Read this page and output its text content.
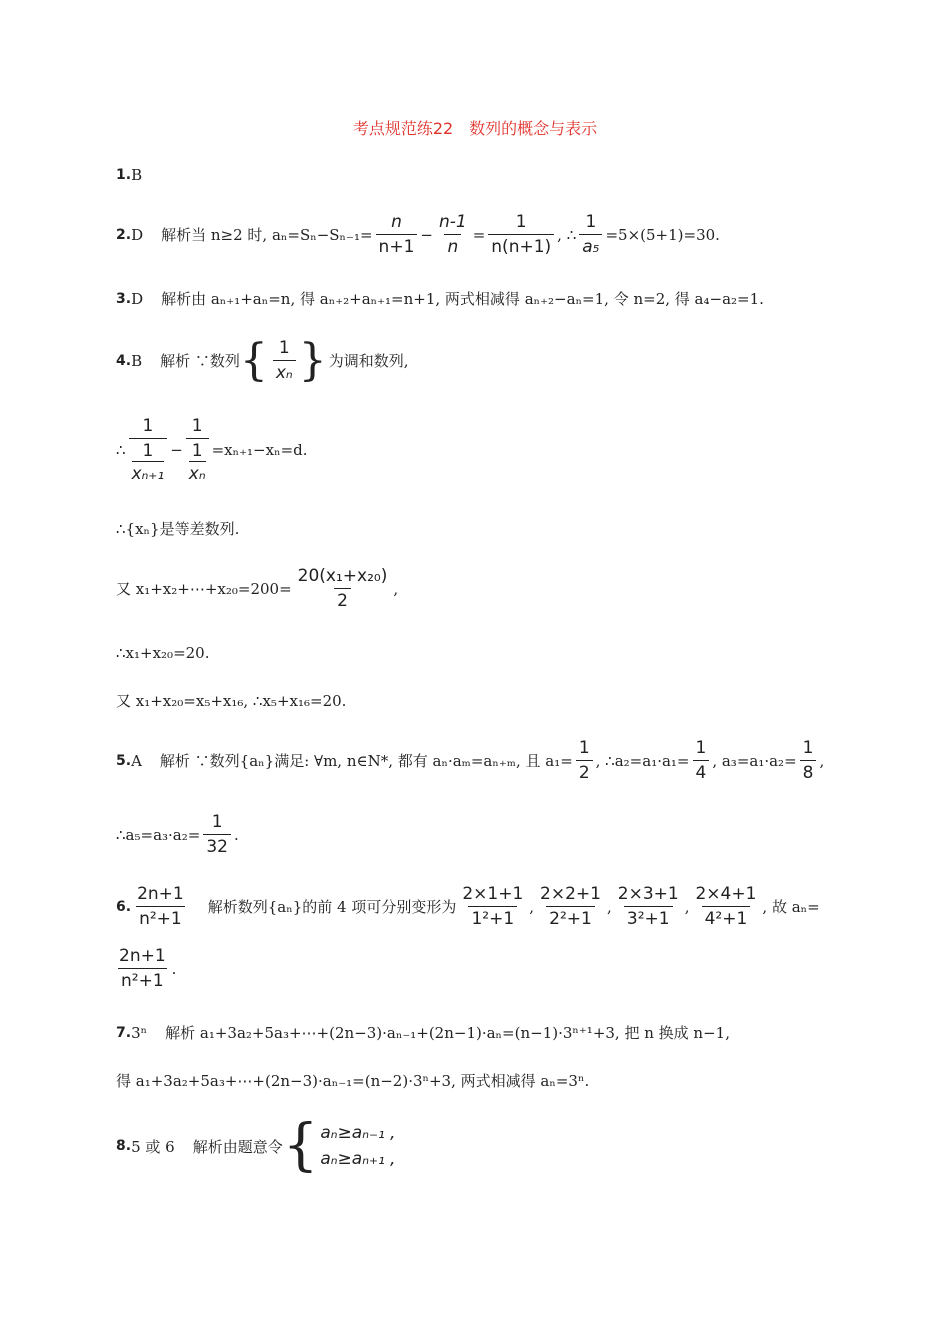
考点规范练22　数列的概念与表示
1. B
2. D 解析当 n≥2 时, $a_n=S_n-S_{n-1}= \frac{n}{n+1} - \frac{n-1}{n} = \frac{1}{n(n+1)}$ , ∴ $\frac{1}{\text{a₅}} =5\times(5+1)=30$.
3. D 解析由 aₙ₊₁+aₙ=n, 得 aₙ₊₂+aₙ₊₁=n+1, 两式相减得 aₙ₊₂−aₙ=1, 令 n=2, 得 a₄−a₂=1.
4. B 解析 ∵数列 { $\frac{1}{\text{xₙ}}$ } 为调和数列,
∴ 1
1
xₙ₊₁ − 1
1
xₙ =xₙ₊₁−xₙ=d.
∴{xₙ}是等差数列.
又 x₁+x₂+⋯+x₂₀=200= $\frac{\text{20(x₁+x₂₀)}}{2}$ ,
∴x₁+x₂₀=20.
又 x₁+x₂₀=x₅+x₁₆, ∴x₅+x₁₆=20.
5. A 解析 ∵数列{aₙ}满足: ∀m, n∈N*, 都有 aₙ·aₘ=aₙ₊ₘ, 且 $a_1= \frac{1}{2}$ , ∴a₂=a₁·a₁= $\frac{1}{4}$ , $a_3=a_1\cdot a_2= \frac{1}{8}$ ,
∴a₅=a₃·a₂= $\frac{1}{32}$ .
6. $\frac{2n+1}{\text{n²+1}}$ 解析数列{aₙ}的前 4 项可分别变形为 $\frac{2\times 1+1}{\text{1²+1}}$ , $\frac{2\times 2+1}{\text{2²+1}}$ , $\frac{2\times 3+1}{\text{3²+1}}$ , $\frac{2\times 4+1}{\text{4²+1}}$ , 故 aₙ=
$\frac{2n+1}{\text{n²+1}}$ .
7. 3ⁿ 解析 a₁+3a₂+5a₃+⋯+(2n−3)·aₙ₋₁+(2n−1)·aₙ=(n−1)·3ⁿ⁺¹+3, 把 n 换成 n−1,
得 a₁+3a₂+5a₃+⋯+(2n−3)·aₙ₋₁=(n−2)·3ⁿ+3, 两式相减得 aₙ=3ⁿ.
8. 5 或 6 解析由题意令 { aₙ≥aₙ₋₁ ,
aₙ≥aₙ₊₁ ,
